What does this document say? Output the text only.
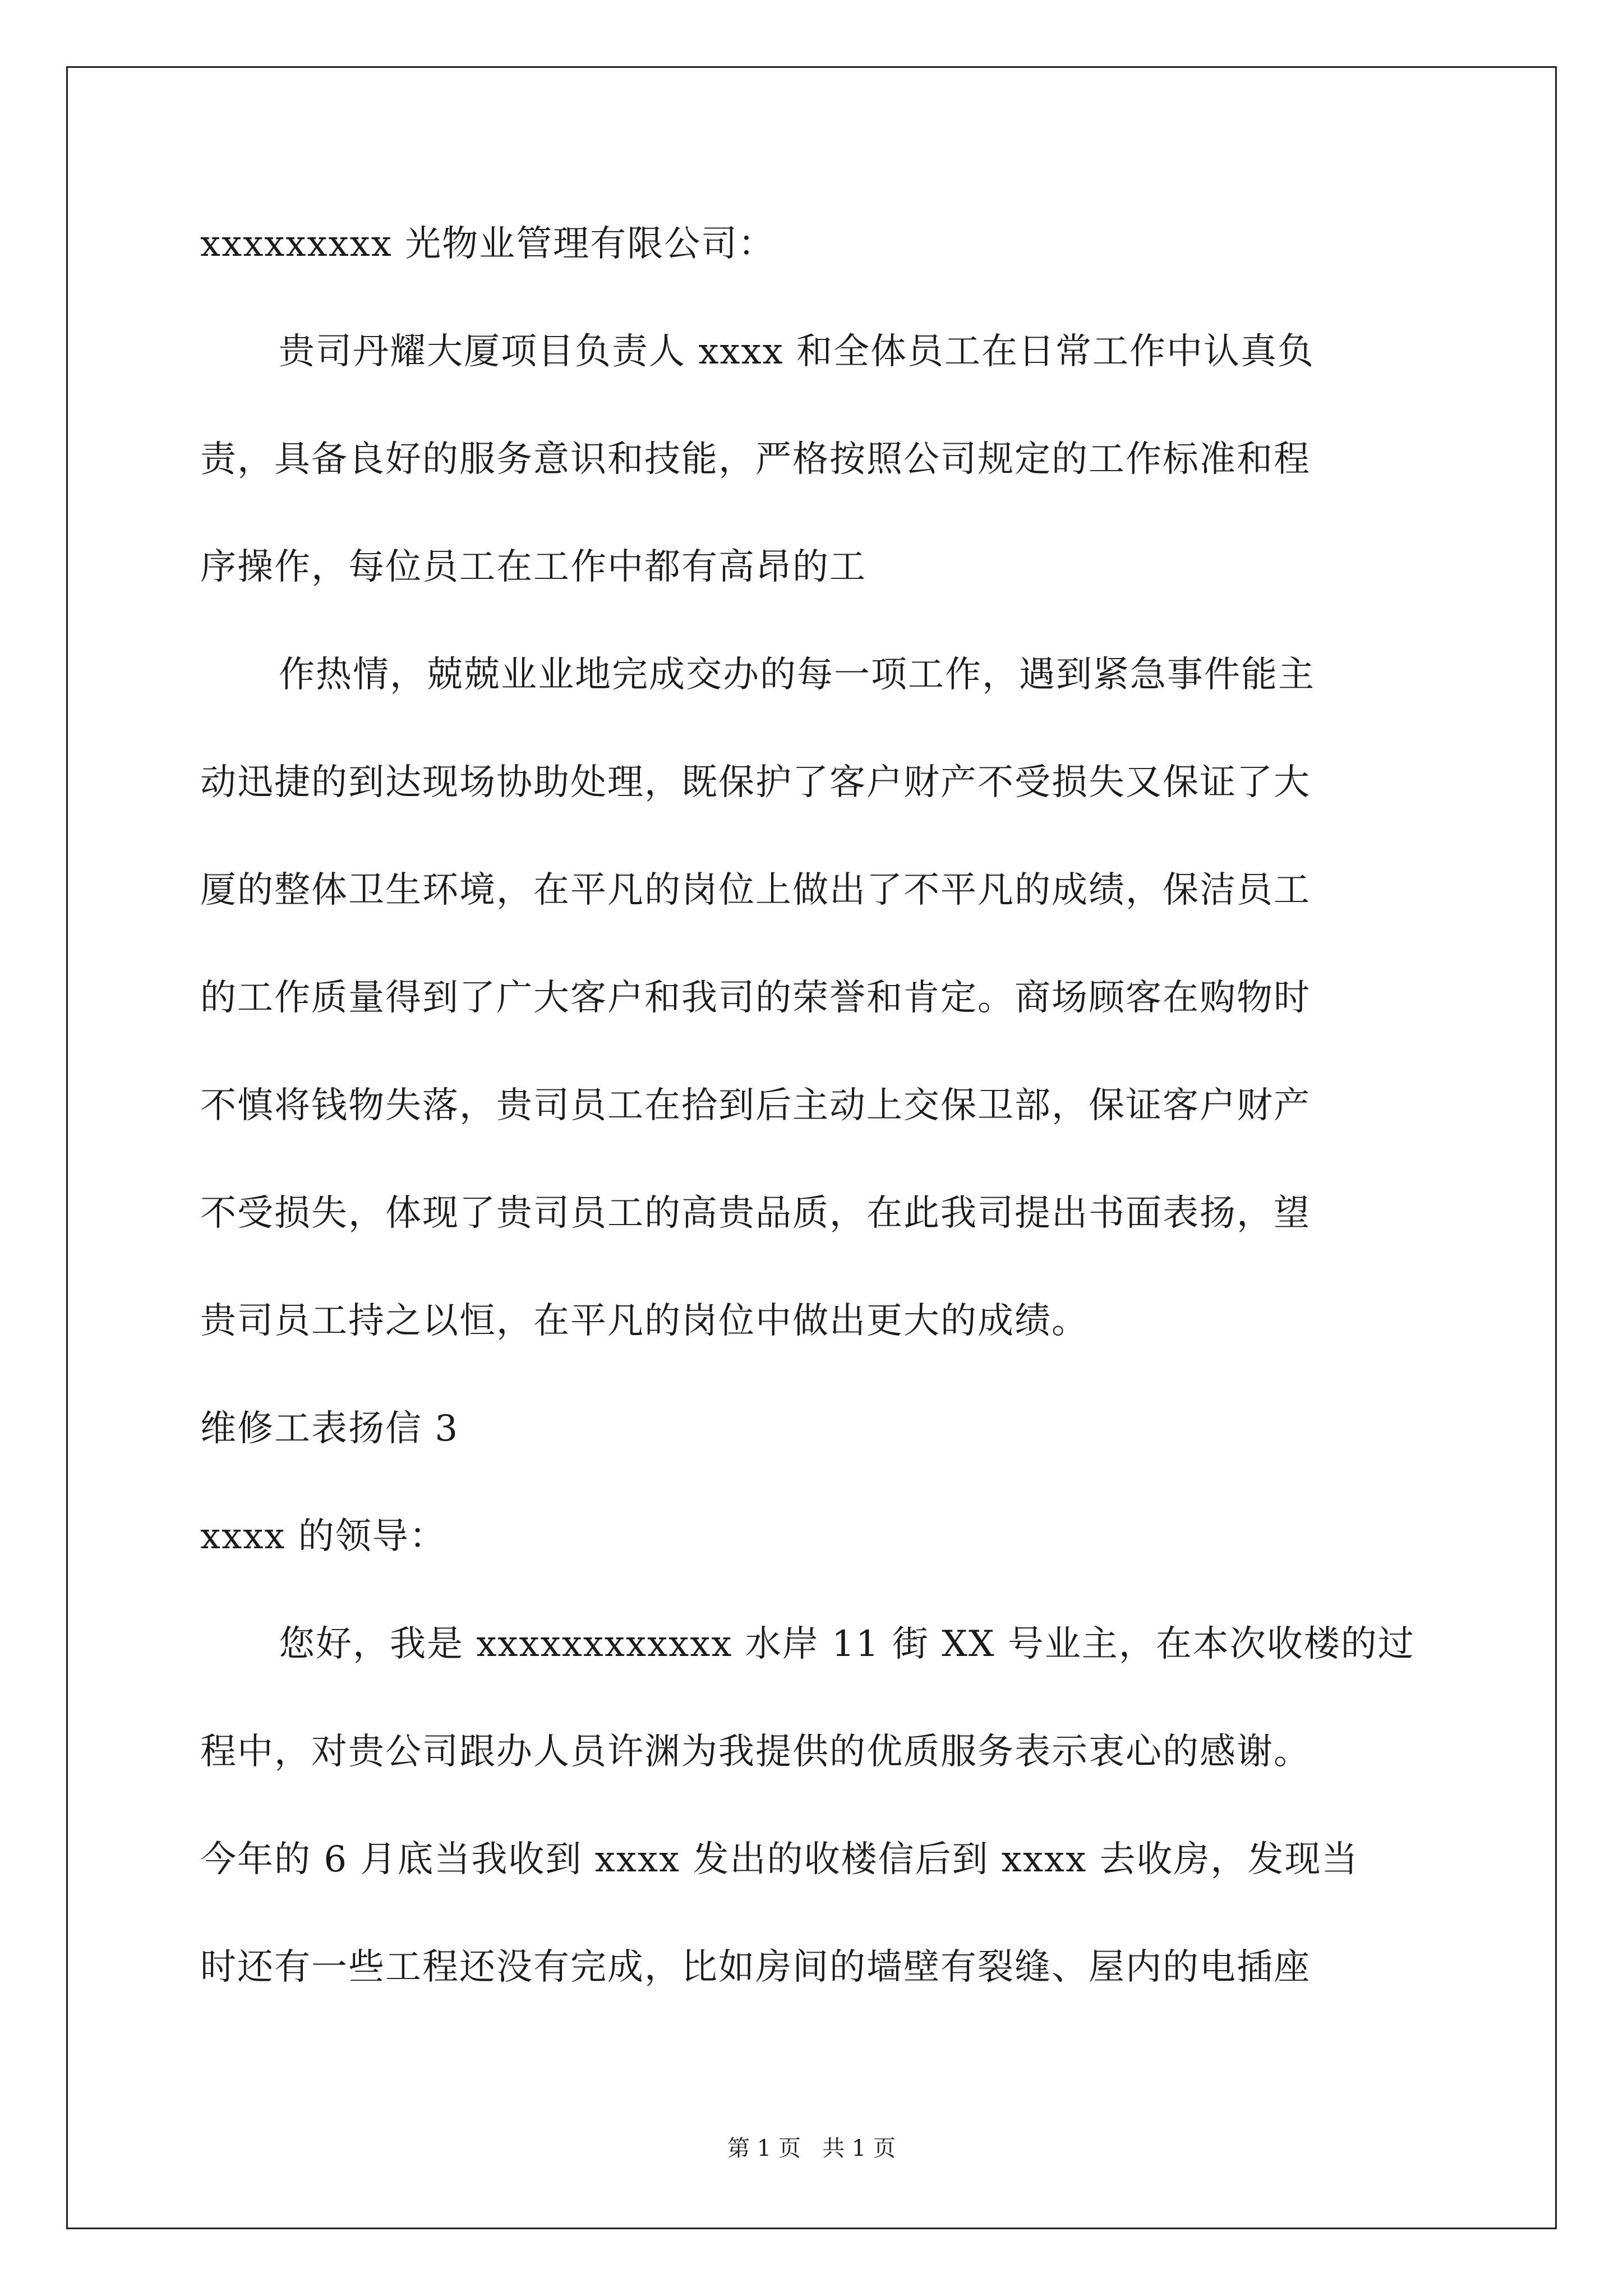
xxxxxxxxx 光物业管理有限公司：
贵司丹耀大厦项目负责人 xxxx 和全体员工在日常工作中认真负
责，具备良好的服务意识和技能，严格按照公司规定的工作标准和程
序操作，每位员工在工作中都有高昂的工
作热情，兢兢业业地完成交办的每一项工作，遇到紧急事件能主
动迅捷的到达现场协助处理，既保护了客户财产不受损失又保证了大
厦的整体卫生环境，在平凡的岗位上做出了不平凡的成绩，保洁员工
的工作质量得到了广大客户和我司的荣誉和肯定。商场顾客在购物时
不慎将钱物失落，贵司员工在拾到后主动上交保卫部，保证客户财产
不受损失，体现了贵司员工的高贵品质，在此我司提出书面表扬，望
贵司员工持之以恒，在平凡的岗位中做出更大的成绩。
维修工表扬信 3
xxxx 的领导：
您好，我是 xxxxxxxxxxxx 水岸 11 街 XX 号业主，在本次收楼的过
程中，对贵公司跟办人员许渊为我提供的优质服务表示衷心的感谢。
今年的 6 月底当我收到 xxxx 发出的收楼信后到 xxxx 去收房，发现当
时还有一些工程还没有完成，比如房间的墙壁有裂缝、屋内的电插座
第 1 页   共 1 页
